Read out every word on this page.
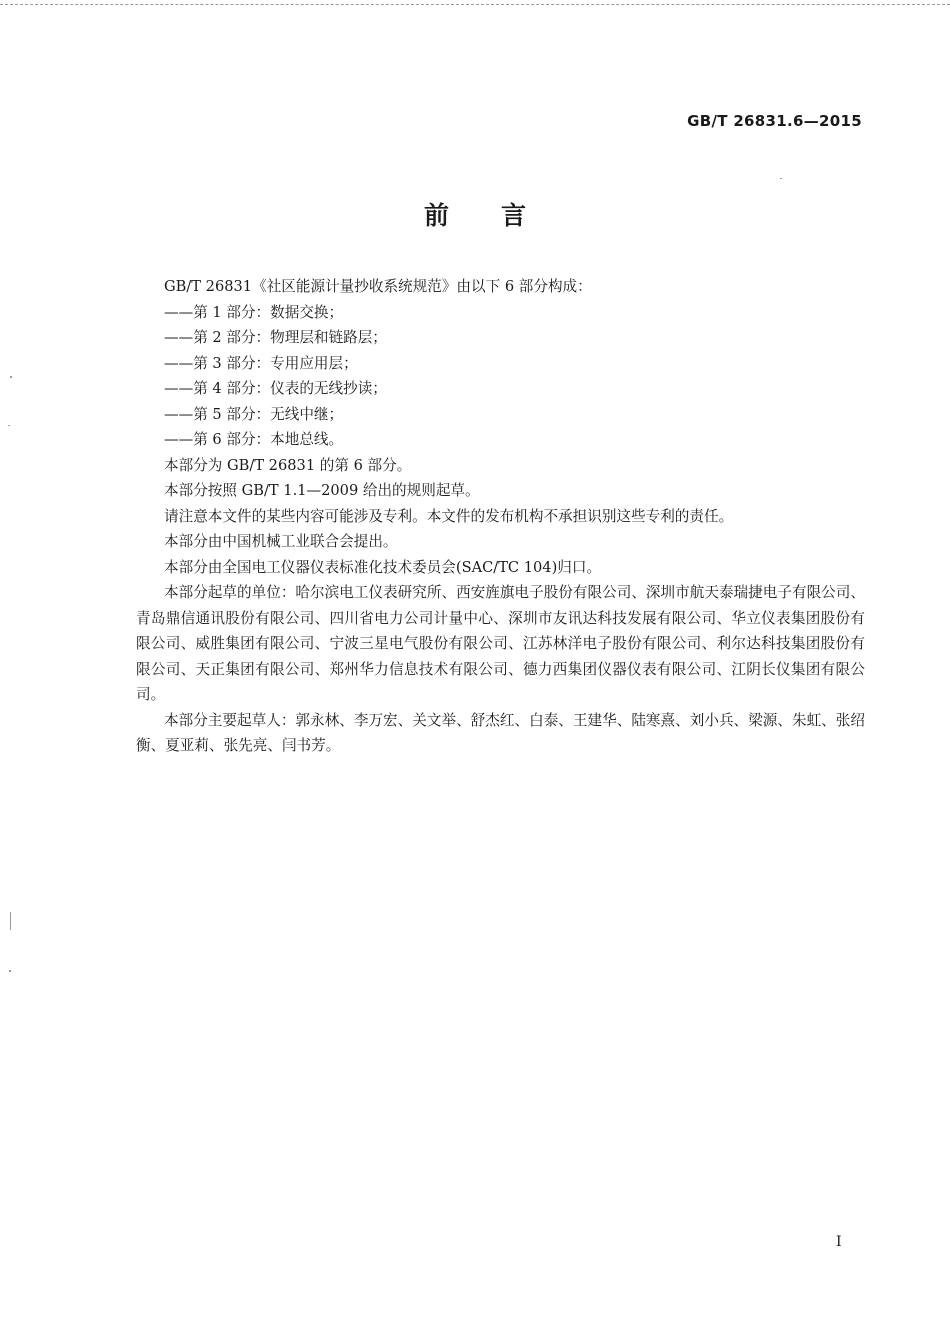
GB/T 26831.6—2015
前言

GB/T 26831《社区能源计量抄收系统规范》由以下 6 部分构成：

——第 1 部分：数据交换；

——第 2 部分：物理层和链路层；

——第 3 部分：专用应用层；

——第 4 部分：仪表的无线抄读；

——第 5 部分：无线中继；

——第 6 部分：本地总线。

本部分为 GB/T 26831 的第 6 部分。

本部分按照 GB/T 1.1—2009 给出的规则起草。

请注意本文件的某些内容可能涉及专利。本文件的发布机构不承担识别这些专利的责任。

本部分由中国机械工业联合会提出。

本部分由全国电工仪器仪表标准化技术委员会(SAC/TC 104)归口。

本部分起草的单位：哈尔滨电工仪表研究所、西安旌旗电子股份有限公司、深圳市航天泰瑞捷电子有限公司、青岛鼎信通讯股份有限公司、四川省电力公司计量中心、深圳市友讯达科技发展有限公司、华立仪表集团股份有限公司、威胜集团有限公司、宁波三星电气股份有限公司、江苏林洋电子股份有限公司、利尔达科技集团股份有限公司、天正集团有限公司、郑州华力信息技术有限公司、德力西集团仪器仪表有限公司、江阴长仪集团有限公司。

本部分主要起草人：郭永林、李万宏、关文举、舒杰红、白泰、王建华、陆寒熹、刘小兵、梁源、朱虹、张绍衡、夏亚莉、张先亮、闫书芳。

I
